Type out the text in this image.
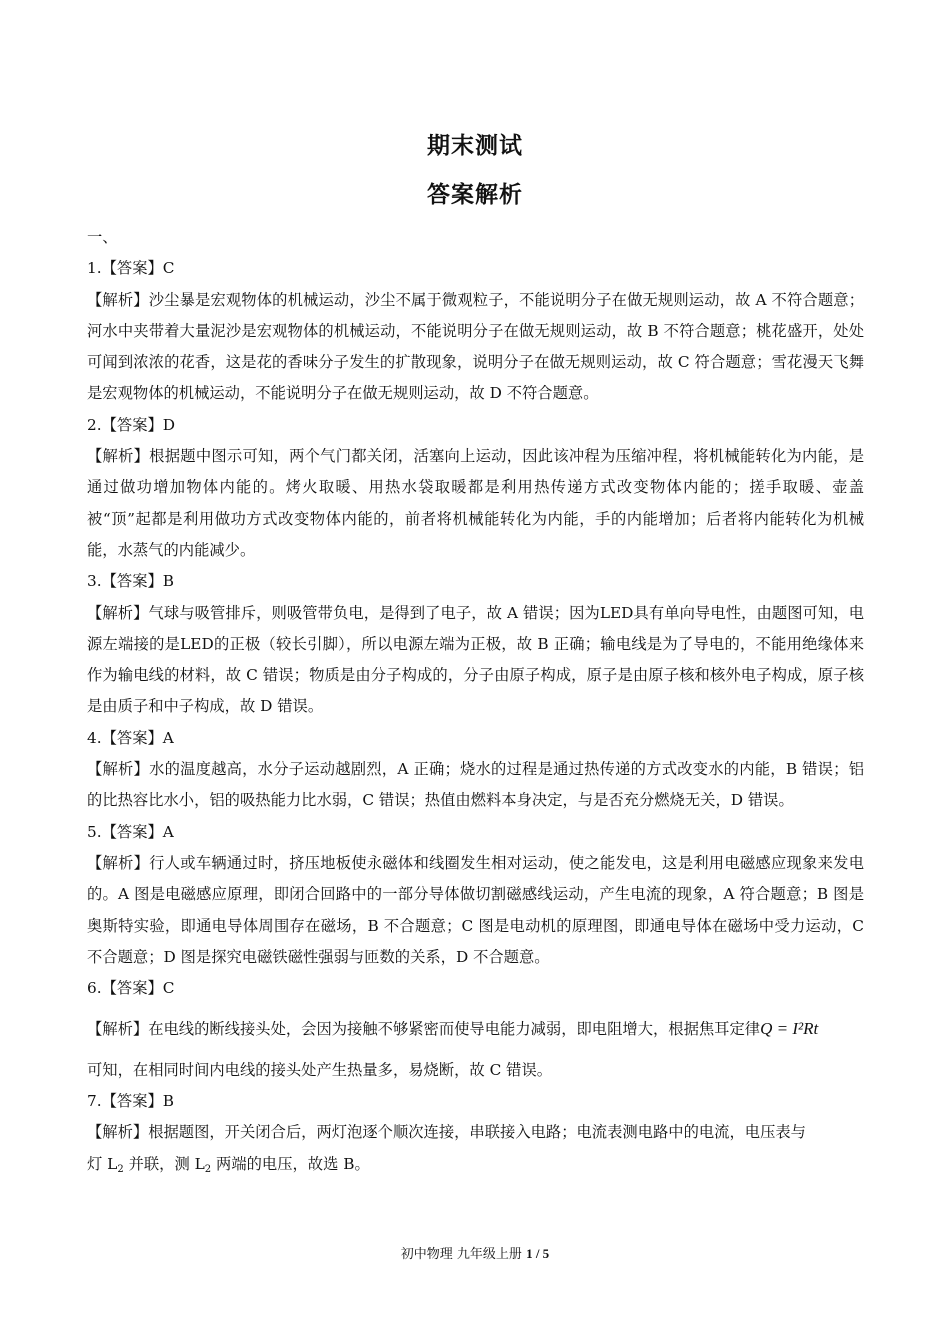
期末测试
答案解析
一、
1.【答案】C
【解析】沙尘暴是宏观物体的机械运动，沙尘不属于微观粒子，不能说明分子在做无规则运动，故 A 不符合题意；河水中夹带着大量泥沙是宏观物体的机械运动，不能说明分子在做无规则运动，故 B 不符合题意；桃花盛开，处处可闻到浓浓的花香，这是花的香味分子发生的扩散现象，说明分子在做无规则运动，故 C 符合题意；雪花漫天飞舞是宏观物体的机械运动，不能说明分子在做无规则运动，故 D 不符合题意。
2.【答案】D
【解析】根据题中图示可知，两个气门都关闭，活塞向上运动，因此该冲程为压缩冲程，将机械能转化为内能，是通过做功增加物体内能的。烤火取暖、用热水袋取暖都是利用热传递方式改变物体内能的；搓手取暖、壶盖被“顶”起都是利用做功方式改变物体内能的，前者将机械能转化为内能，手的内能增加；后者将内能转化为机械能，水蒸气的内能减少。
3.【答案】B
【解析】气球与吸管排斥，则吸管带负电，是得到了电子，故 A 错误；因为LED具有单向导电性，由题图可知，电源左端接的是LED的正极（较长引脚），所以电源左端为正极，故 B 正确；输电线是为了导电的，不能用绝缘体来作为输电线的材料，故 C 错误；物质是由分子构成的，分子由原子构成，原子是由原子核和核外电子构成，原子核是由质子和中子构成，故 D 错误。
4.【答案】A
【解析】水的温度越高，水分子运动越剧烈，A 正确；烧水的过程是通过热传递的方式改变水的内能，B 错误；铝的比热容比水小，铝的吸热能力比水弱，C 错误；热值由燃料本身决定，与是否充分燃烧无关，D 错误。
5.【答案】A
【解析】行人或车辆通过时，挤压地板使永磁体和线圈发生相对运动，使之能发电，这是利用电磁感应现象来发电的。A 图是电磁感应原理，即闭合回路中的一部分导体做切割磁感线运动，产生电流的现象，A 符合题意；B 图是奥斯特实验，即通电导体周围存在磁场，B 不合题意；C 图是电动机的原理图，即通电导体在磁场中受力运动，C 不合题意；D 图是探究电磁铁磁性强弱与匝数的关系，D 不合题意。
6.【答案】C
【解析】在电线的断线接头处，会因为接触不够紧密而使导电能力减弱，即电阻增大，根据焦耳定律Q = I²Rt
可知，在相同时间内电线的接头处产生热量多，易烧断，故 C 错误。
7.【答案】B
【解析】根据题图，开关闭合后，两灯泡逐个顺次连接，串联接入电路；电流表测电路中的电流，电压表与
灯 $L_2$ 并联，测 $L_2$ 两端的电压，故选 B。
初中物理 九年级上册 1 / 5
